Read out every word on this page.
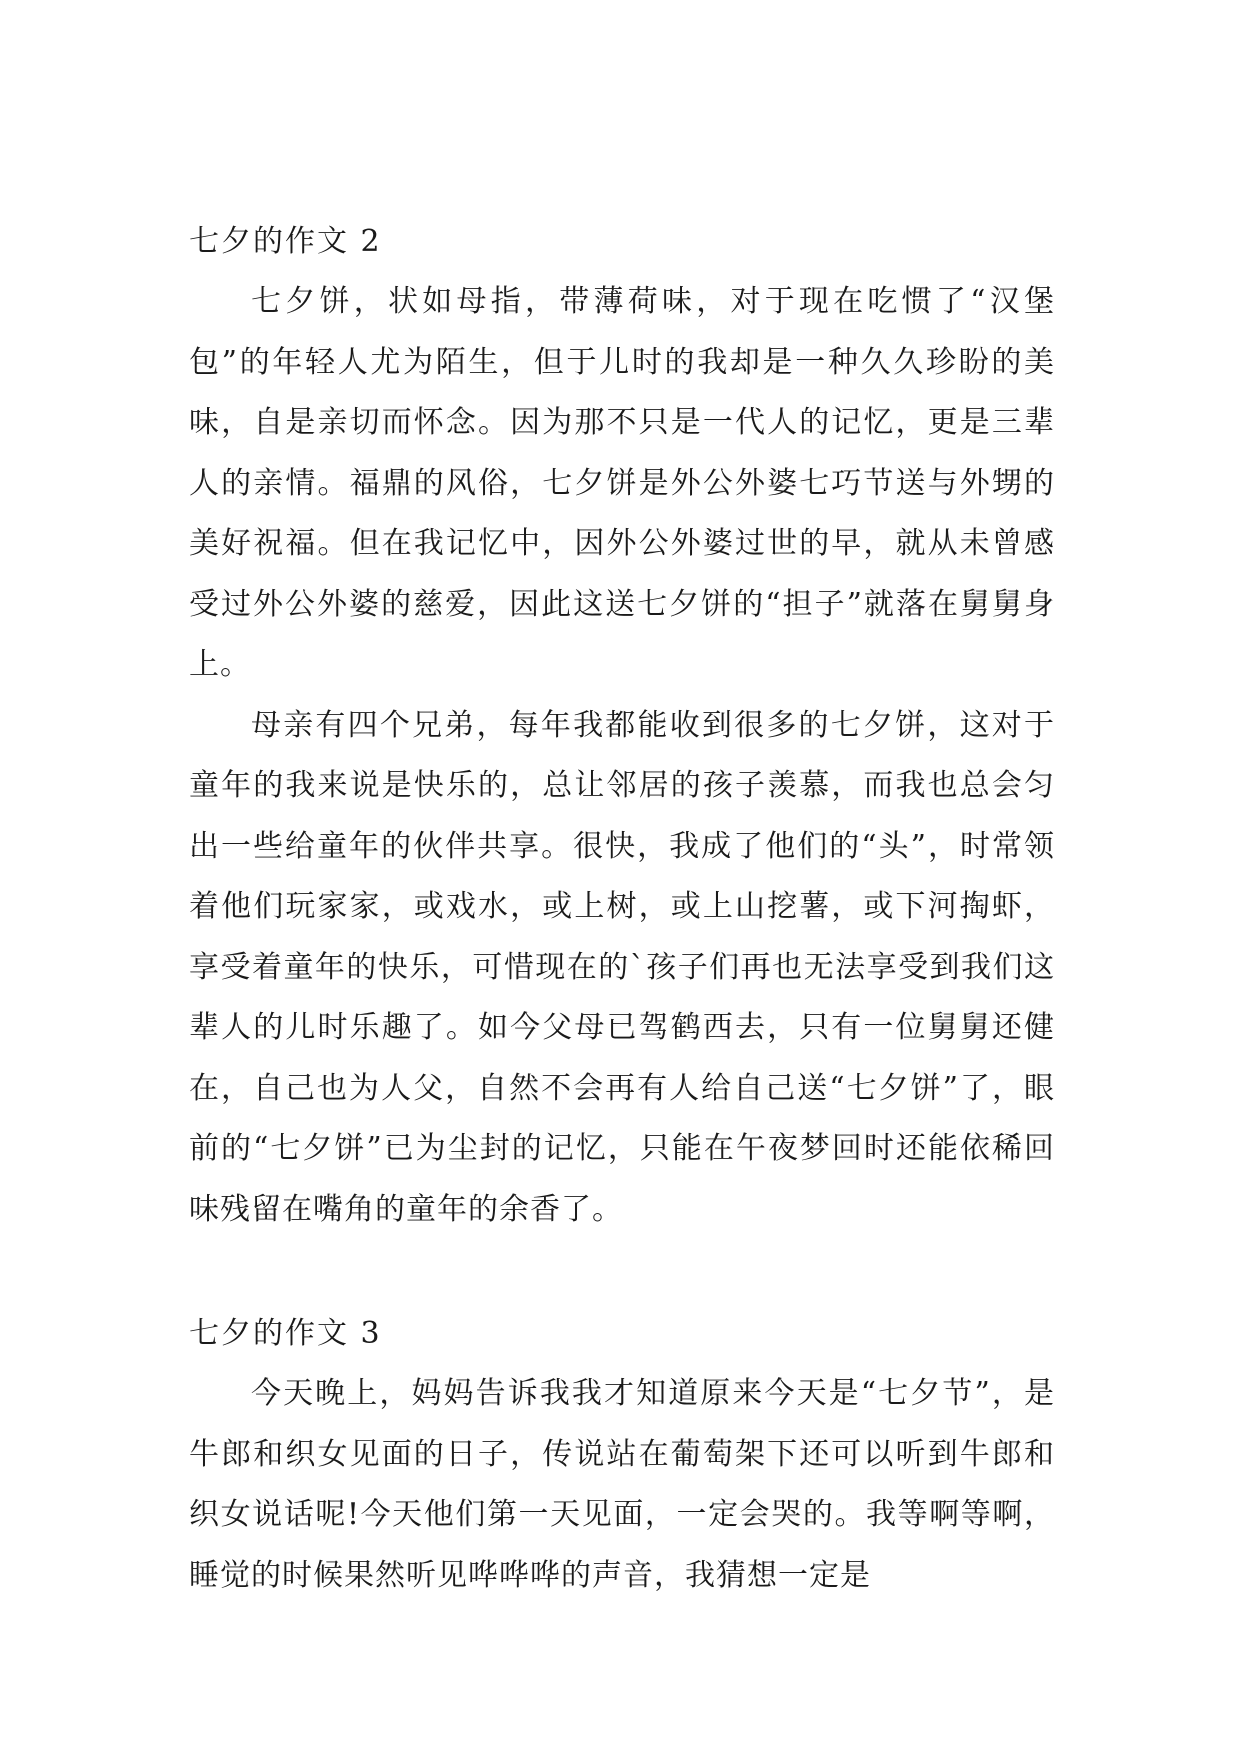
七夕的作文 2

七夕饼，状如母指，带薄荷味，对于现在吃惯了“汉堡包”的年轻人尤为陌生，但于儿时的我却是一种久久珍盼的美味，自是亲切而怀念。因为那不只是一代人的记忆，更是三辈人的亲情。福鼎的风俗，七夕饼是外公外婆七巧节送与外甥的美好祝福。但在我记忆中，因外公外婆过世的早，就从未曾感受过外公外婆的慈爱，因此这送七夕饼的“担子”就落在舅舅身上。

母亲有四个兄弟，每年我都能收到很多的七夕饼，这对于童年的我来说是快乐的，总让邻居的孩子羡慕，而我也总会匀出一些给童年的伙伴共享。很快，我成了他们的“头”，时常领着他们玩家家，或戏水，或上树，或上山挖薯，或下河掏虾，享受着童年的快乐，可惜现在的`孩子们再也无法享受到我们这辈人的儿时乐趣了。如今父母已驾鹤西去，只有一位舅舅还健在，自己也为人父，自然不会再有人给自己送“七夕饼”了，眼前的“七夕饼”已为尘封的记忆，只能在午夜梦回时还能依稀回味残留在嘴角的童年的余香了。

七夕的作文 3

今天晚上，妈妈告诉我我才知道原来今天是“七夕节”，是牛郎和织女见面的日子，传说站在葡萄架下还可以听到牛郎和织女说话呢!今天他们第一天见面，一定会哭的。我等啊等啊，睡觉的时候果然听见哗哗哗的声音，我猜想一定是
